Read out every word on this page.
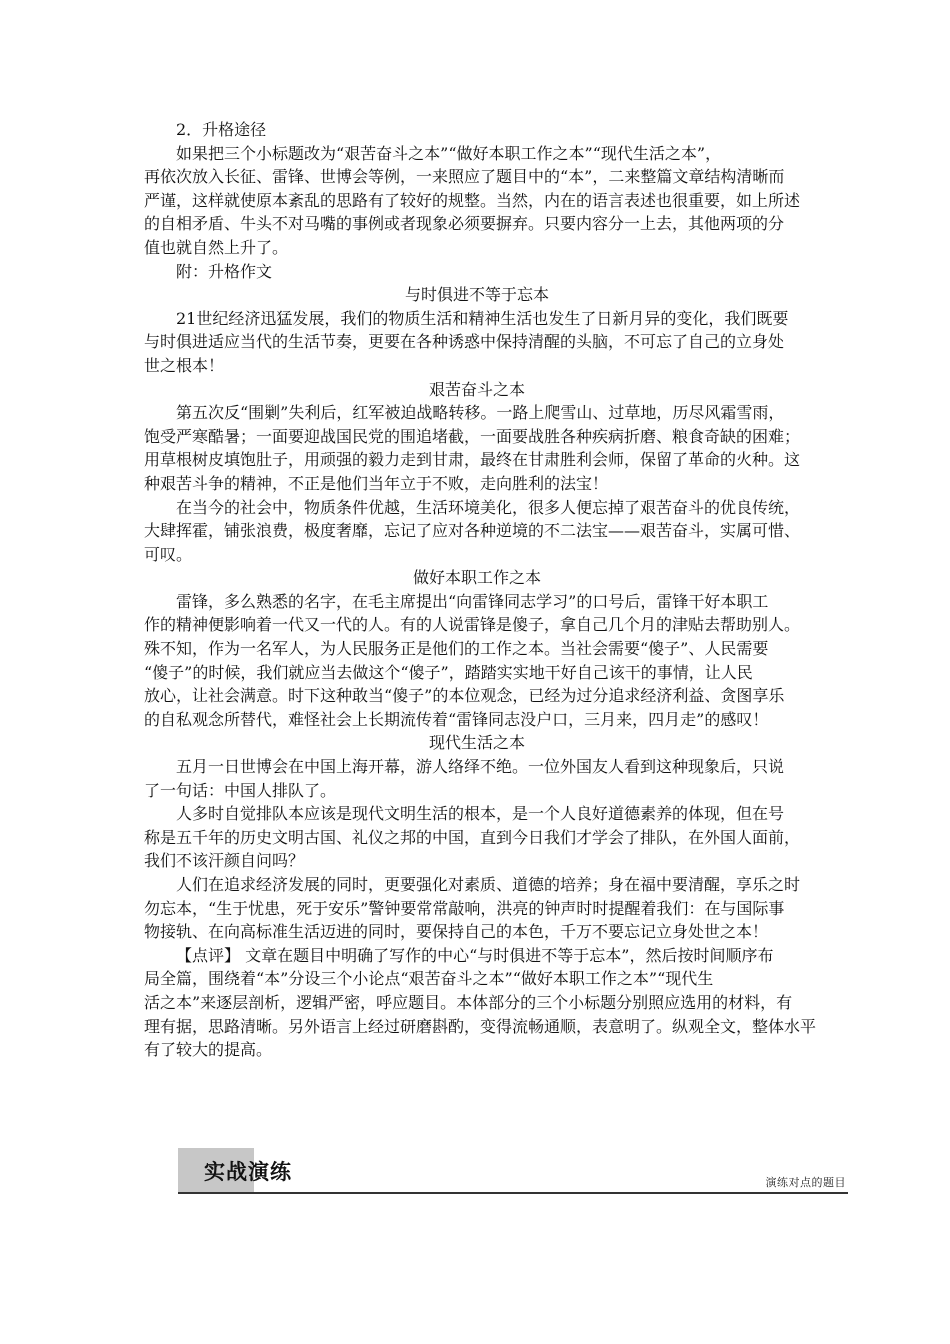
2．升格途径

如果把三个小标题改为“艰苦奋斗之本”“做好本职工作之本”“现代生活之本”，

再依次放入长征、雷锋、世博会等例，一来照应了题目中的“本”，二来整篇文章结构清晰而

严谨，这样就使原本紊乱的思路有了较好的规整。当然，内在的语言表述也很重要，如上所述

的自相矛盾、牛头不对马嘴的事例或者现象必须要摒弃。只要内容分一上去，其他两项的分

值也就自然上升了。

附：升格作文

与时俱进不等于忘本

21世纪经济迅猛发展，我们的物质生活和精神生活也发生了日新月异的变化，我们既要

与时俱进适应当代的生活节奏，更要在各种诱惑中保持清醒的头脑，不可忘了自己的立身处

世之根本！

艰苦奋斗之本

第五次反“围剿”失利后，红军被迫战略转移。一路上爬雪山、过草地，历尽风霜雪雨，

饱受严寒酷暑；一面要迎战国民党的围追堵截，一面要战胜各种疾病折磨、粮食奇缺的困难；

用草根树皮填饱肚子，用顽强的毅力走到甘肃，最终在甘肃胜利会师，保留了革命的火种。这

种艰苦斗争的精神，不正是他们当年立于不败，走向胜利的法宝！

在当今的社会中，物质条件优越，生活环境美化，很多人便忘掉了艰苦奋斗的优良传统，

大肆挥霍，铺张浪费，极度奢靡，忘记了应对各种逆境的不二法宝——艰苦奋斗，实属可惜、

可叹。

做好本职工作之本

雷锋，多么熟悉的名字，在毛主席提出“向雷锋同志学习”的口号后，雷锋干好本职工

作的精神便影响着一代又一代的人。有的人说雷锋是傻子，拿自己几个月的津贴去帮助别人。

殊不知，作为一名军人，为人民服务正是他们的工作之本。当社会需要“傻子”、人民需要

“傻子”的时候，我们就应当去做这个“傻子”，踏踏实实地干好自己该干的事情，让人民

放心，让社会满意。时下这种敢当“傻子”的本位观念，已经为过分追求经济利益、贪图享乐

的自私观念所替代，难怪社会上长期流传着“雷锋同志没户口，三月来，四月走”的感叹！

现代生活之本

五月一日世博会在中国上海开幕，游人络绎不绝。一位外国友人看到这种现象后，只说

了一句话：中国人排队了。

人多时自觉排队本应该是现代文明生活的根本，是一个人良好道德素养的体现，但在号

称是五千年的历史文明古国、礼仪之邦的中国，直到今日我们才学会了排队，在外国人面前，

我们不该汗颜自问吗？

人们在追求经济发展的同时，更要强化对素质、道德的培养；身在福中要清醒，享乐之时

勿忘本，“生于忧患，死于安乐”警钟要常常敲响，洪亮的钟声时时提醒着我们：在与国际事

物接轨、在向高标准生活迈进的同时，要保持自己的本色，千万不要忘记立身处世之本！

【点评】 文章在题目中明确了写作的中心“与时俱进不等于忘本”，然后按时间顺序布

局全篇，围绕着“本”分设三个小论点“艰苦奋斗之本”“做好本职工作之本”“现代生

活之本”来逐层剖析，逻辑严密，呼应题目。本体部分的三个小标题分别照应选用的材料，有

理有据，思路清晰。另外语言上经过研磨斟酌，变得流畅通顺，表意明了。纵观全文，整体水平

有了较大的提高。

实战演练	演练对点的题目
